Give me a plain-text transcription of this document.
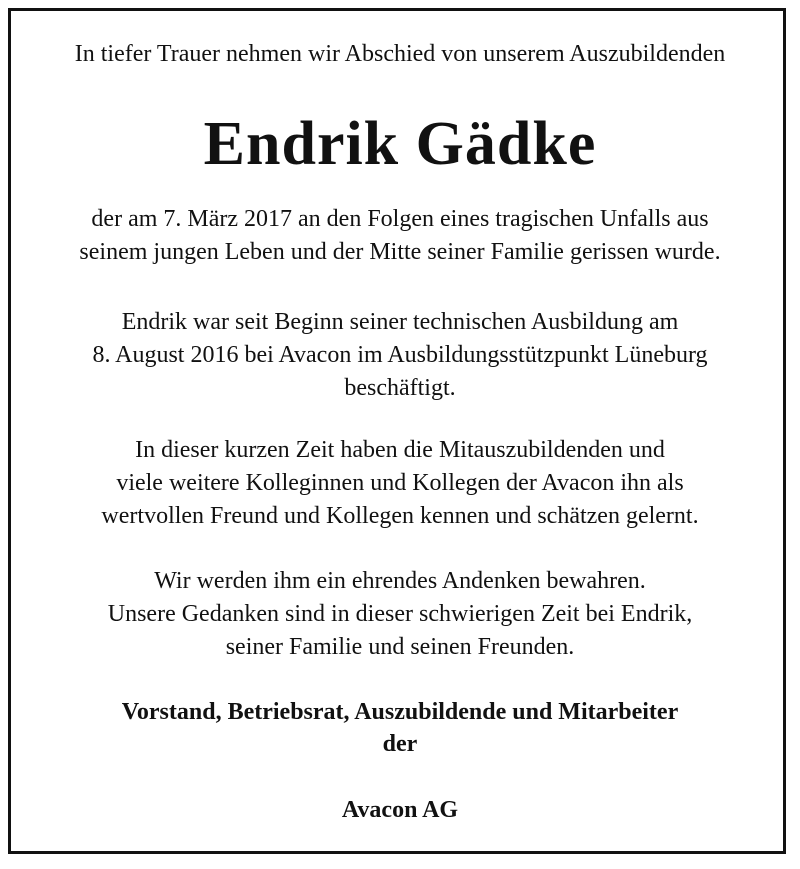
In tiefer Trauer nehmen wir Abschied von unserem Auszubildenden
Endrik Gädke
der am 7. März 2017 an den Folgen eines tragischen Unfalls aus
seinem jungen Leben und der Mitte seiner Familie gerissen wurde.
Endrik war seit Beginn seiner technischen Ausbildung am
8. August 2016 bei Avacon im Ausbildungsstützpunkt Lüneburg
beschäftigt.
In dieser kurzen Zeit haben die Mitauszubildenden und
viele weitere Kolleginnen und Kollegen der Avacon ihn als
wertvollen Freund und Kollegen kennen und schätzen gelernt.
Wir werden ihm ein ehrendes Andenken bewahren.
Unsere Gedanken sind in dieser schwierigen Zeit bei Endrik,
seiner Familie und seinen Freunden.
Vorstand, Betriebsrat, Auszubildende und Mitarbeiter
der
Avacon AG
